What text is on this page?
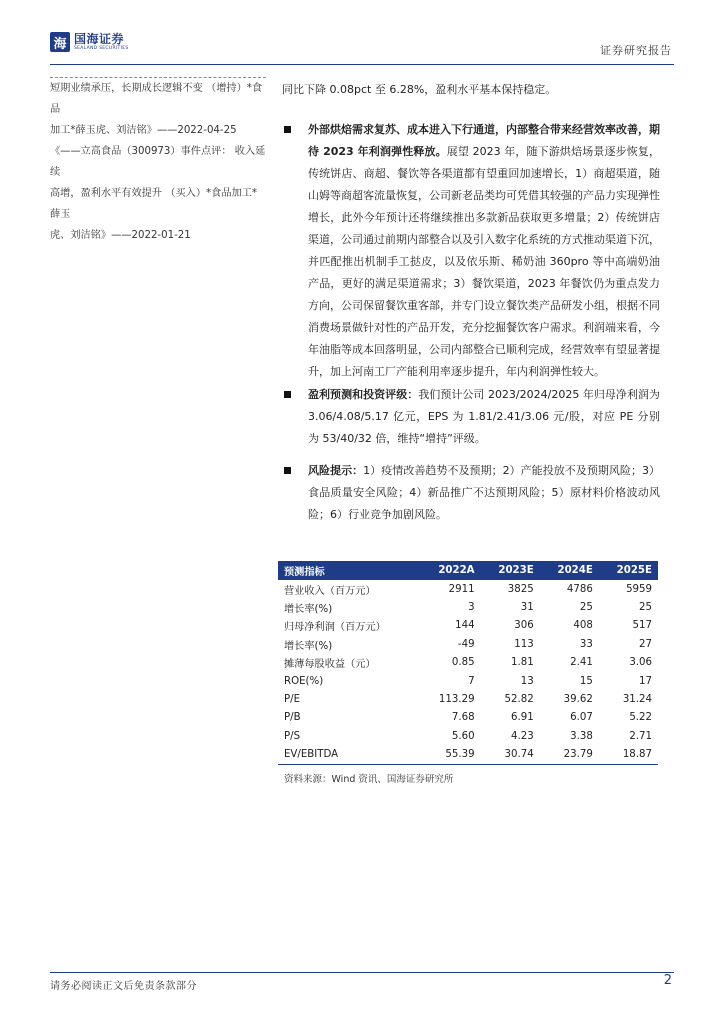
海 国海证券
SEALAND SECURITIES	证券研究报告

短期业绩承压，长期成长逻辑不变 （增持）*食品

加工*薛玉虎、刘洁铭》——2022-04-25

《——立高食品（300973）事件点评： 收入延续

高增，盈利水平有效提升 （买入）*食品加工*薛玉

虎、刘洁铭》——2022-01-21

同比下降 0.08pct 至 6.28%，盈利水平基本保持稳定。
外部烘焙需求复苏、成本进入下行通道，内部整合带来经营效率改善，期待 2023 年利润弹性释放。展望 2023 年，随下游烘焙场景逐步恢复，传统饼店、商超、餐饮等各渠道都有望重回加速增长，1）商超渠道，随山姆等商超客流量恢复，公司新老品类均可凭借其较强的产品力实现弹性增长，此外今年预计还将继续推出多款新品获取更多增量；2）传统饼店渠道，公司通过前期内部整合以及引入数字化系统的方式推动渠道下沉，并匹配推出机制手工挞皮，以及依乐斯、稀奶油 360pro 等中高端奶油产品，更好的满足渠道需求；3）餐饮渠道，2023 年餐饮仍为重点发力方向，公司保留餐饮重客部，并专门设立餐饮类产品研发小组，根据不同消费场景做针对性的产品开发，充分挖掘餐饮客户需求。利润端来看，今年油脂等成本回落明显，公司内部整合已顺利完成，经营效率有望显著提升，加上河南工厂产能利用率逐步提升，年内利润弹性较大。
盈利预测和投资评级：我们预计公司 2023/2024/2025 年归母净利润为 3.06/4.08/5.17 亿元，EPS 为 1.81/2.41/3.06 元/股，对应 PE 分别为 53/40/32 倍，维持“增持”评级。
风险提示：1）疫情改善趋势不及预期；2）产能投放不及预期风险；3）食品质量安全风险；4）新品推广不达预期风险；5）原材料价格波动风险；6）行业竞争加剧风险。
预测指标	2022A	2023E	2024E	2025E
营业收入（百万元）	2911	3825	4786	5959
增长率(%)	3	31	25	25
归母净利润（百万元）	144	306	408	517
增长率(%)	-49	113	33	27
摊薄每股收益（元）	0.85	1.81	2.41	3.06
ROE(%)	7	13	15	17
P/E	113.29	52.82	39.62	31.24
P/B	7.68	6.91	6.07	5.22
P/S	5.60	4.23	3.38	2.71
EV/EBITDA	55.39	30.74	23.79	18.87
资料来源：Wind 资讯、国海证券研究所
请务必阅读正文后免责条款部分	2
